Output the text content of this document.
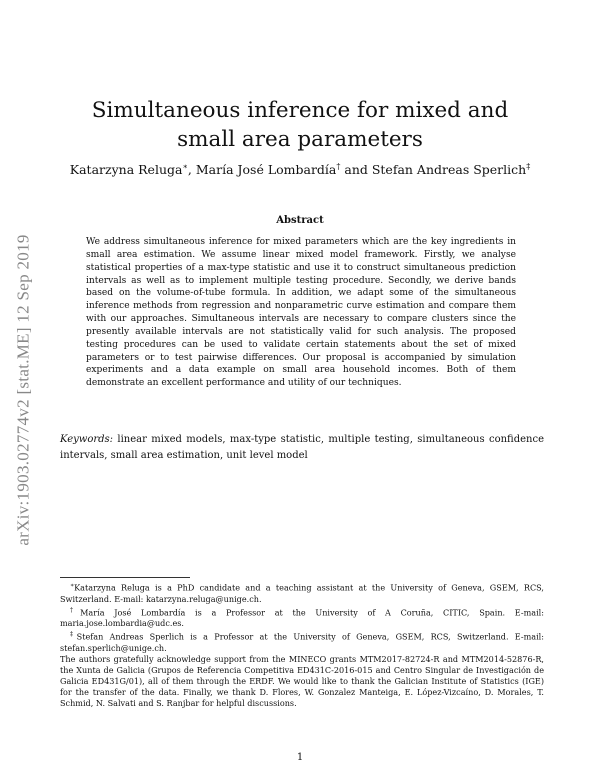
arXiv:1903.02774v2 [stat.ME] 12 Sep 2019
Simultaneous inference for mixed and small area parameters
Katarzyna Reluga∗, María José Lombardía† and Stefan Andreas Sperlich‡
Abstract

We address simultaneous inference for mixed parameters which are the key ingredients in small area estimation. We assume linear mixed model framework. Firstly, we analyse statistical properties of a max-type statistic and use it to construct simultaneous prediction intervals as well as to implement multiple testing procedure. Secondly, we derive bands based on the volume-of-tube formula. In addition, we adapt some of the simultaneous inference methods from regression and nonparametric curve estimation and compare them with our approaches. Simultaneous intervals are necessary to compare clusters since the presently available intervals are not statistically valid for such analysis. The proposed testing procedures can be used to validate certain statements about the set of mixed parameters or to test pairwise differences. Our proposal is accompanied by simulation experiments and a data example on small area household incomes. Both of them demonstrate an excellent performance and utility of our techniques.

Keywords: linear mixed models, max-type statistic, multiple testing, simultaneous confidence intervals, small area estimation, unit level model

∗Katarzyna Reluga is a PhD candidate and a teaching assistant at the University of Geneva, GSEM, RCS, Switzerland. E-mail: katarzyna.reluga@unige.ch.

†María José Lombardía is a Professor at the University of A Coruña, CITIC, Spain. E-mail: maria.jose.lombardia@udc.es.

‡Stefan Andreas Sperlich is a Professor at the University of Geneva, GSEM, RCS, Switzerland. E-mail: stefan.sperlich@unige.ch.

The authors gratefully acknowledge support from the MINECO grants MTM2017-82724-R and MTM2014-52876-R, the Xunta de Galicia (Grupos de Referencia Competitiva ED431C-2016-015 and Centro Singular de Investigación de Galicia ED431G/01), all of them through the ERDF. We would like to thank the Galician Institute of Statistics (IGE) for the transfer of the data. Finally, we thank D. Flores, W. Gonzalez Manteiga, E. López-Vizcaíno, D. Morales, T. Schmid, N. Salvati and S. Ranjbar for helpful discussions.

1
